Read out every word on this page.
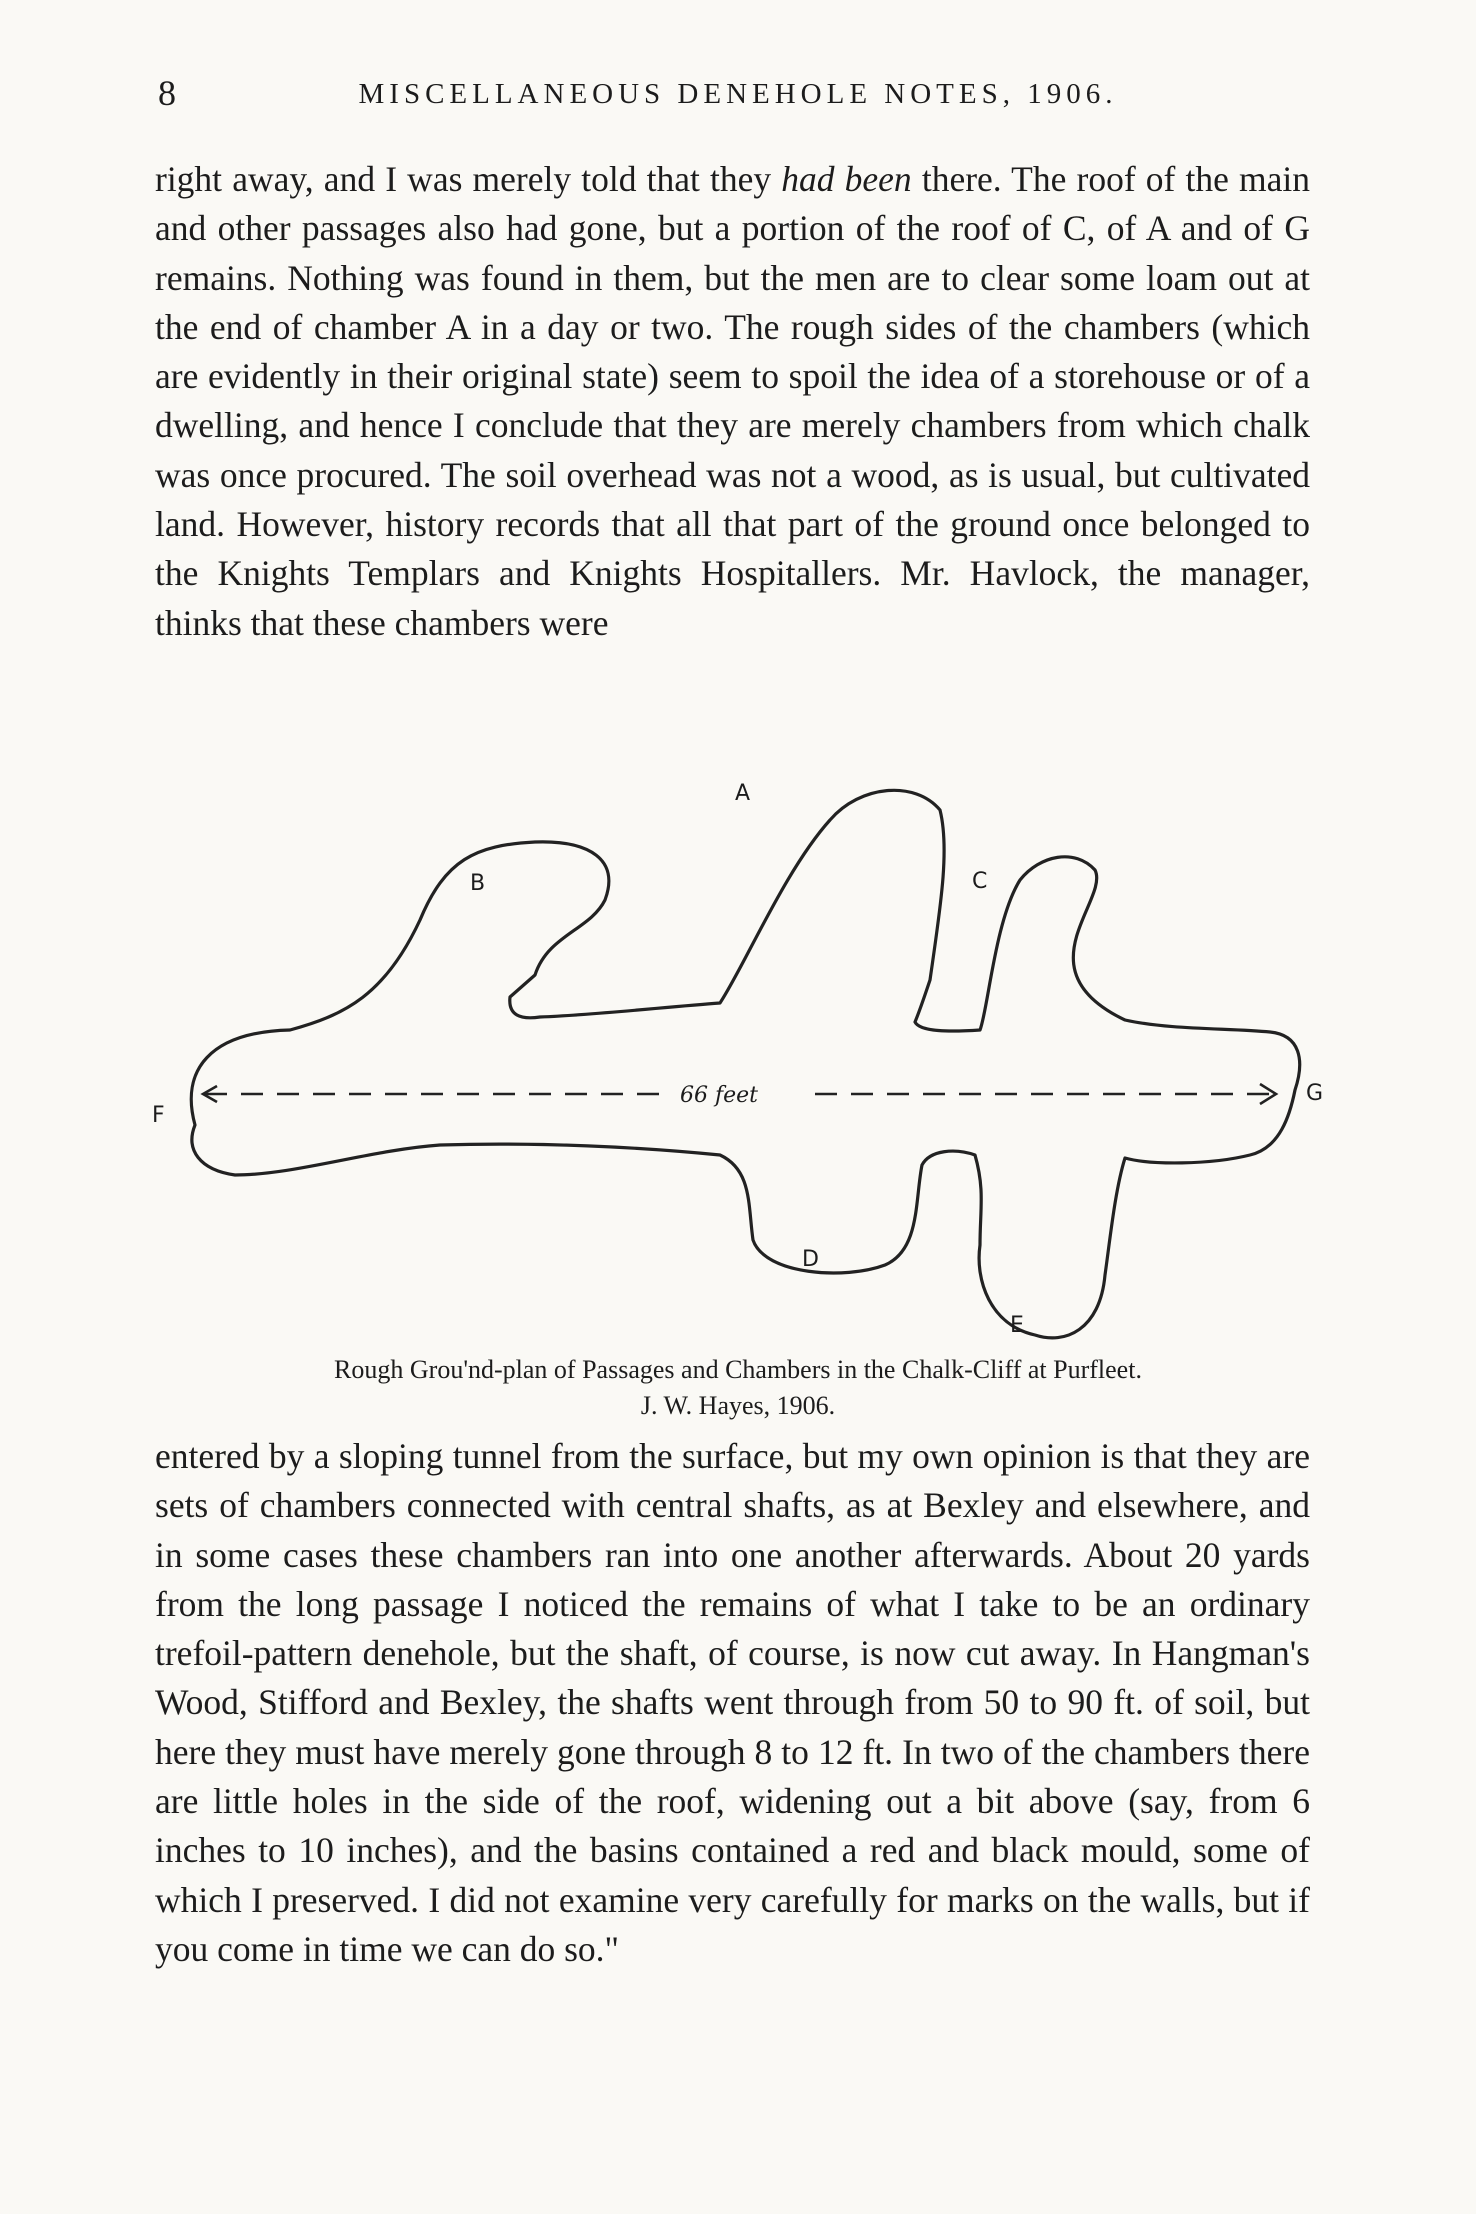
8	MISCELLANEOUS DENEHOLE NOTES, 1906.

right away, and I was merely told that they had been there. The roof of the main and other passages also had gone, but a portion of the roof of C, of A and of G remains. Nothing was found in them, but the men are to clear some loam out at the end of chamber A in a day or two. The rough sides of the chambers (which are evidently in their original state) seem to spoil the idea of a storehouse or of a dwelling, and hence I conclude that they are merely chambers from which chalk was once procured. The soil overhead was not a wood, as is usual, but cultivated land. However, history records that all that part of the ground once belonged to the Knights Templars and Knights Hospitallers. Mr. Havlock, the manager, thinks that these chambers were

66 feet
A
B	C
D
E
F
G
Rough Grou'nd-plan of Passages and Chambers in the Chalk-Cliff at Purfleet.
J. W. Hayes, 1906.

entered by a sloping tunnel from the surface, but my own opinion is that they are sets of chambers connected with central shafts, as at Bexley and elsewhere, and in some cases these chambers ran into one another afterwards. About 20 yards from the long passage I noticed the remains of what I take to be an ordinary trefoil-pattern denehole, but the shaft, of course, is now cut away. In Hangman's Wood, Stifford and Bexley, the shafts went through from 50 to 90 ft. of soil, but here they must have merely gone through 8 to 12 ft. In two of the chambers there are little holes in the side of the roof, widening out a bit above (say, from 6 inches to 10 inches), and the basins contained a red and black mould, some of which I preserved. I did not examine very carefully for marks on the walls, but if you come in time we can do so."
